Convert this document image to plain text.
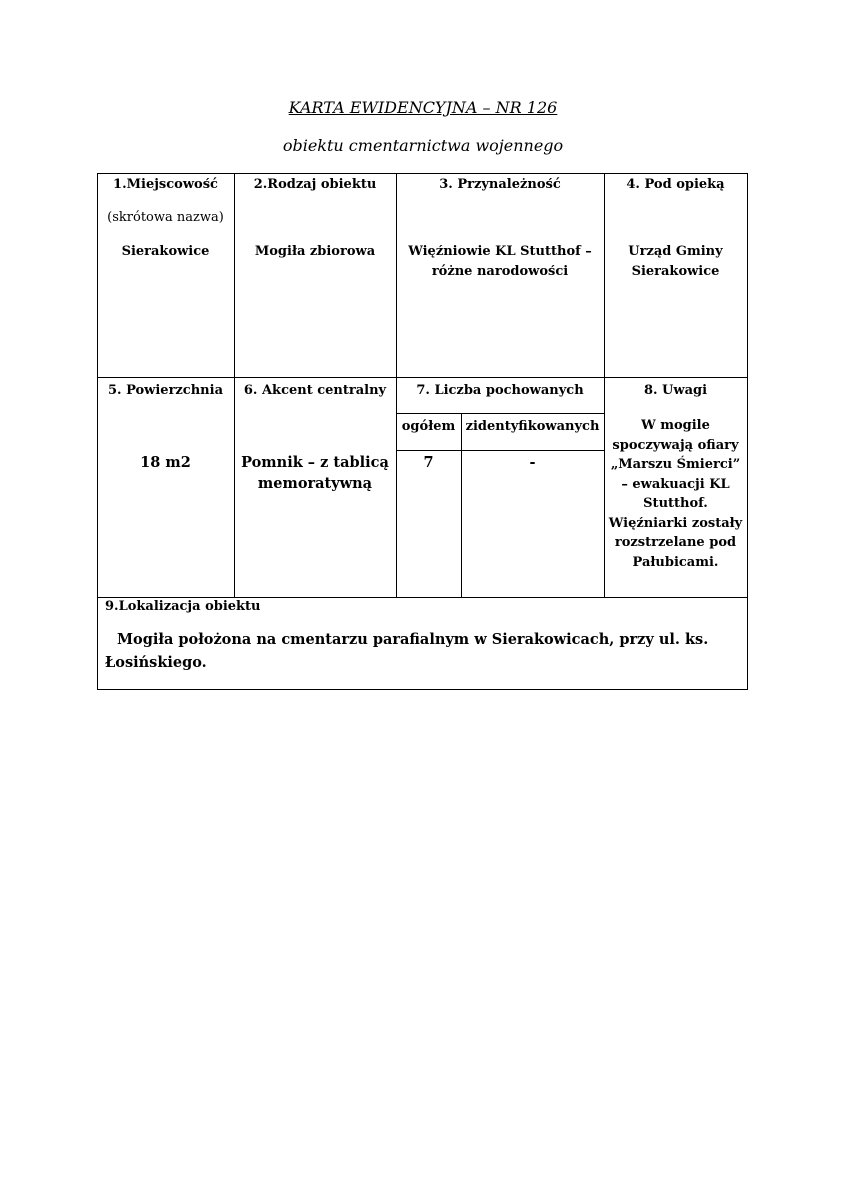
KARTA EWIDENCYJNA – NR 126
obiektu cmentarnictwa wojennego
1.Miejscowość
(skrótowa nazwa)
Sierakowice
2.Rodzaj obiektu
Mogiła zbiorowa
3. Przynależność
Więźniowie KL Stutthof –
różne narodowości
4. Pod opieką
Urząd Gminy
Sierakowice
5. Powierzchnia
18 m2
6. Akcent centralny
Pomnik – z tablicą
memoratywną
7. Liczba pochowanych
ogółem zidentyfikowanych
7	-
8. Uwagi
W mogile
spoczywają ofiary
„Marszu Śmierci”
– ewakuacji KL
Stutthof.
Więźniarki zostały
rozstrzelane pod
Pałubicami.
9.Lokalizacja obiektu
Mogiła położona na cmentarzu parafialnym w Sierakowicach, przy ul. ks.
Łosińskiego.
